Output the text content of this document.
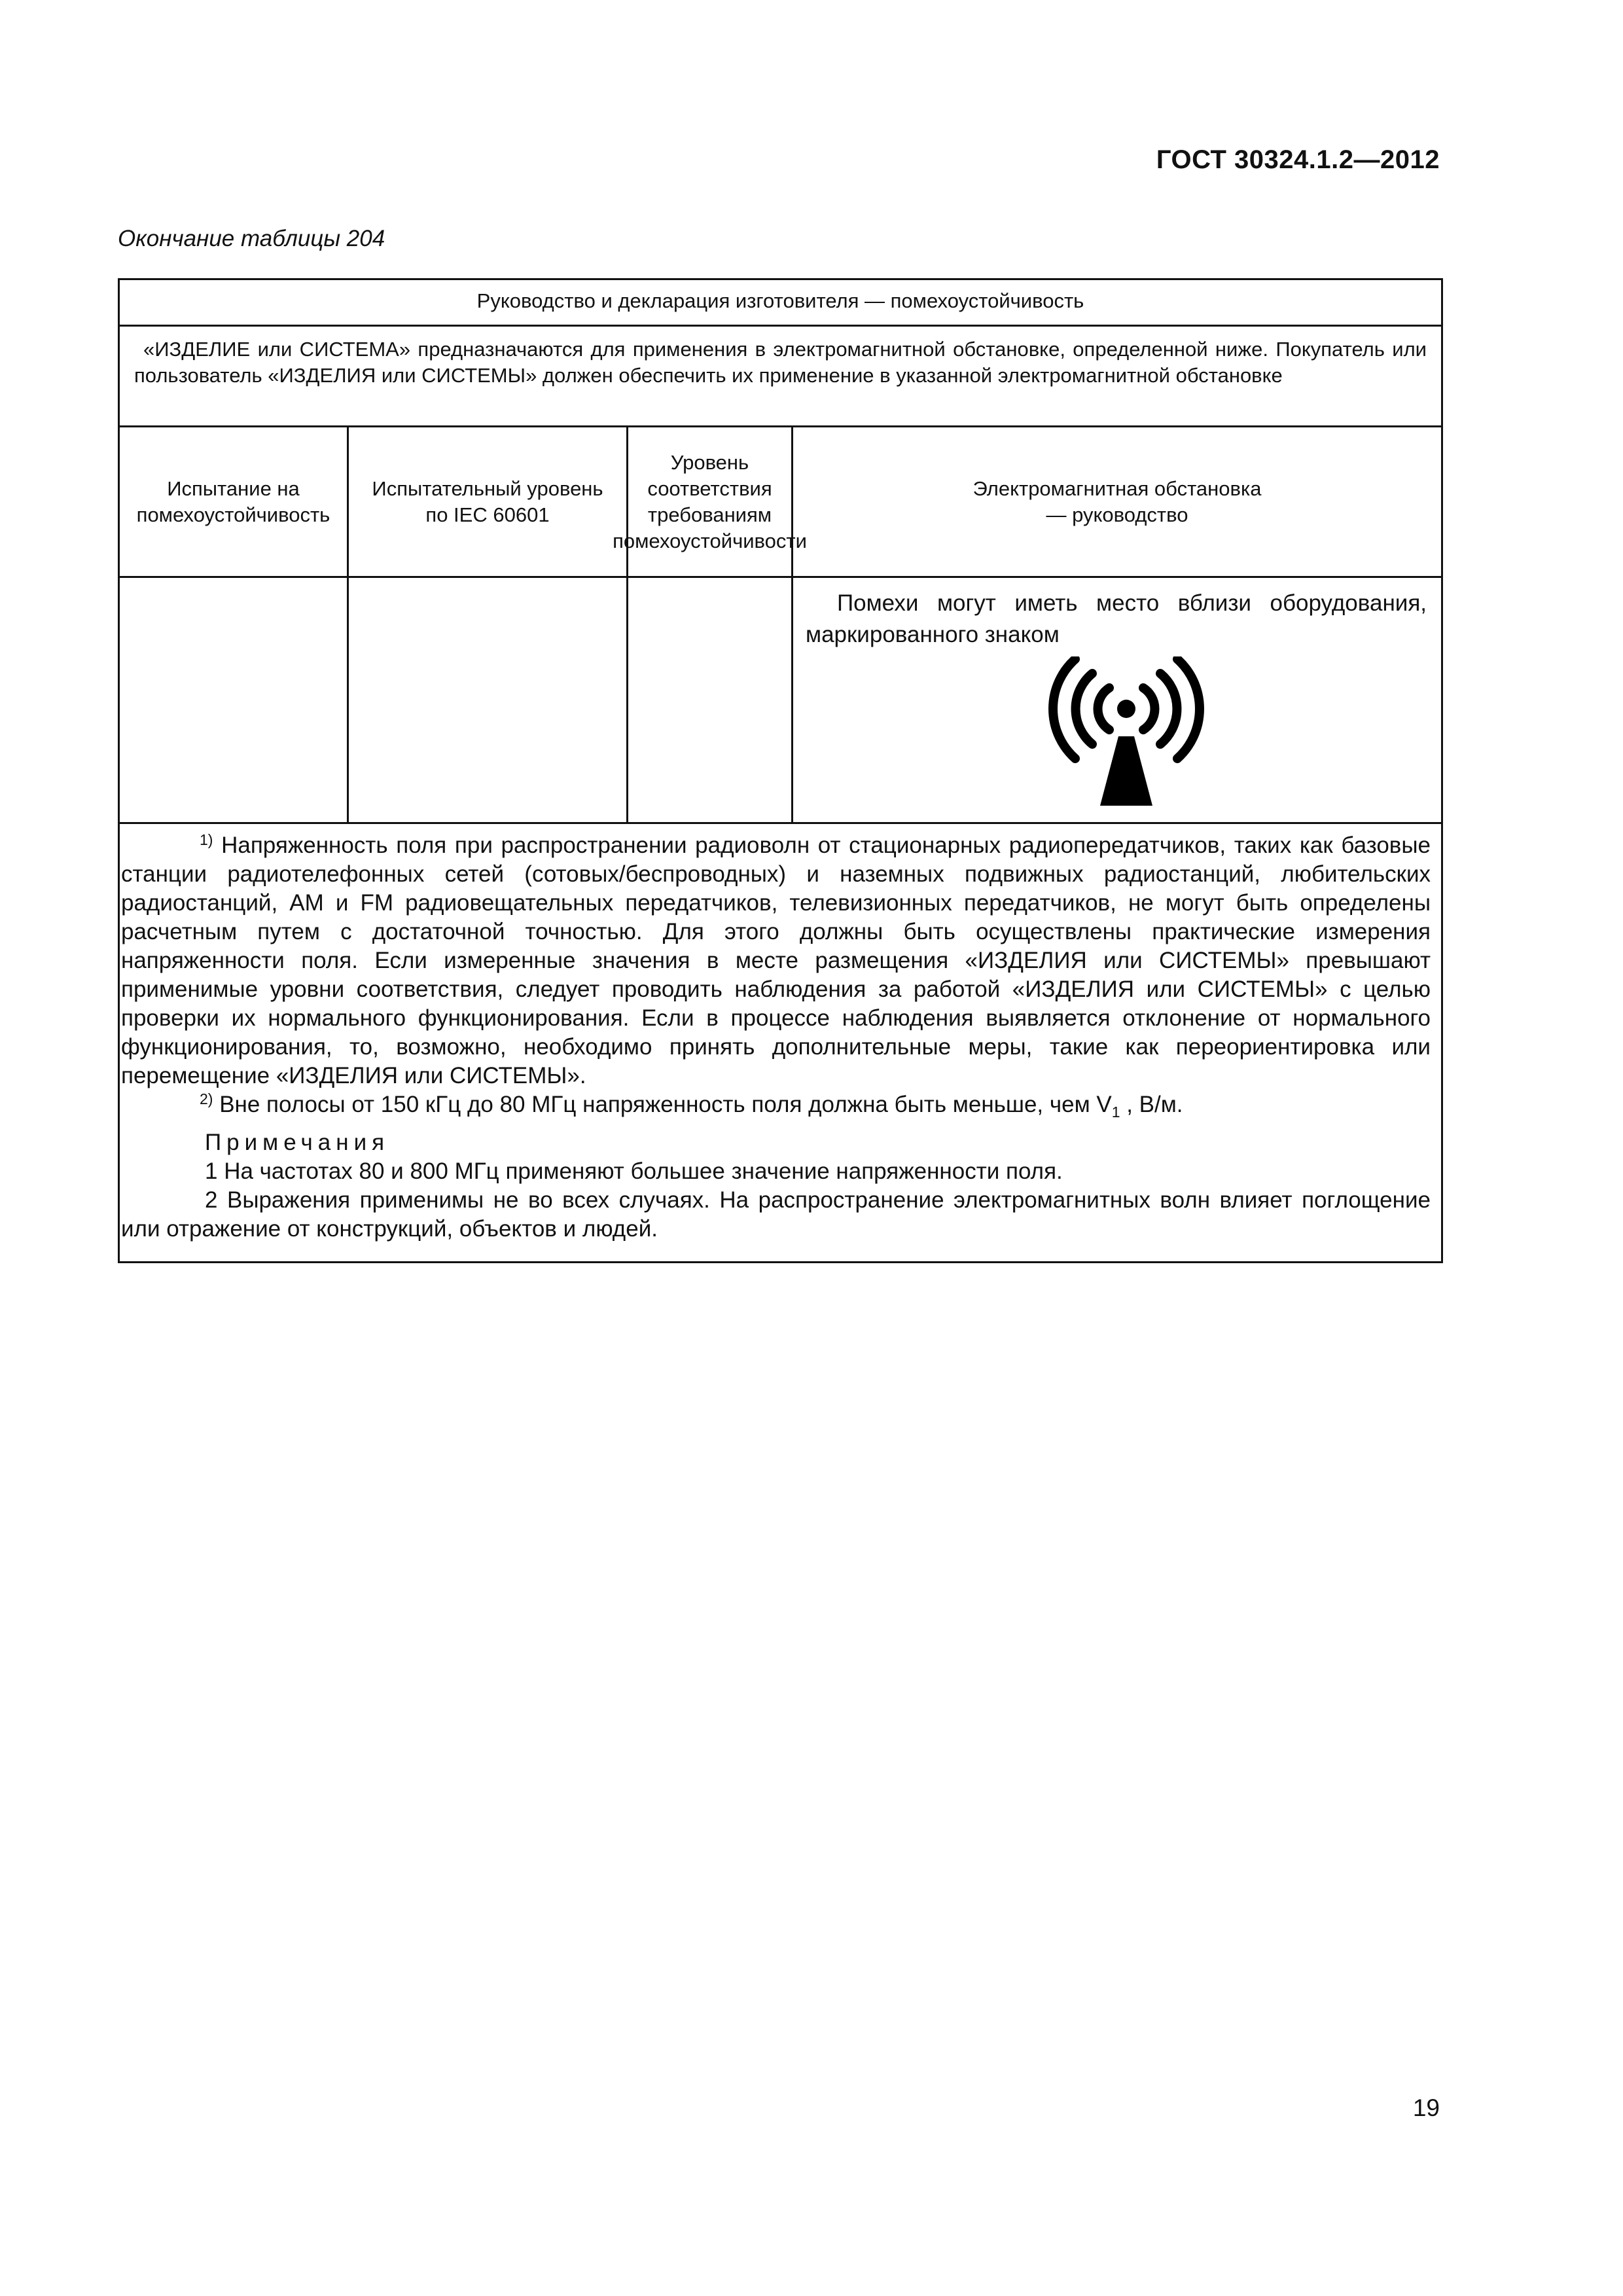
ГОСТ 30324.1.2—2012
Окончание таблицы 204
Руководство и декларация изготовителя — помехоустойчивость
«ИЗДЕЛИЕ или СИСТЕМА» предназначаются для применения в электромагнитной обстановке, определенной ниже. Покупатель или пользователь «ИЗДЕЛИЯ или СИСТЕМЫ» должен обеспечить их применение в указанной электромагнитной обстановке
Испытание на помехоустойчивость
Испытательный уровень по IEC 60601
Уровень соответствия требованиям помехоустойчивости
Электромагнитная обстановка — руководство
Помехи могут иметь место вблизи оборудования, маркированного знаком

$^{1)}$ Напряженность поля при распространении радиоволн от стационарных радиопередатчиков, таких как базовые станции радиотелефонных сетей (сотовых/беспроводных) и наземных подвижных радиостанций, любительских радиостанций, АМ и FM радиовещательных передатчиков, телевизионных передатчиков, не могут быть определены расчетным путем с достаточной точностью. Для этого должны быть осуществлены практические измерения напряженности поля. Если измеренные значения в месте размещения «ИЗДЕЛИЯ или СИСТЕМЫ» превышают применимые уровни соответствия, следует проводить наблюдения за работой «ИЗДЕЛИЯ или СИСТЕМЫ» с целью проверки их нормального функционирования. Если в процессе наблюдения выявляется отклонение от нормального функционирования, то, возможно, необходимо принять дополнительные меры, такие как переориентировка или перемещение «ИЗДЕЛИЯ или СИСТЕМЫ».

$^{2)}$ Вне полосы от 150 кГц до 80 МГц напряженность поля должна быть меньше, чем $V_1$ , В/м.

Примечания

1 На частотах 80 и 800 МГц применяют большее значение напряженности поля.

2 Выражения применимы не во всех случаях. На распространение электромагнитных волн влияет поглощение или отражение от конструкций, объектов и людей.

19
